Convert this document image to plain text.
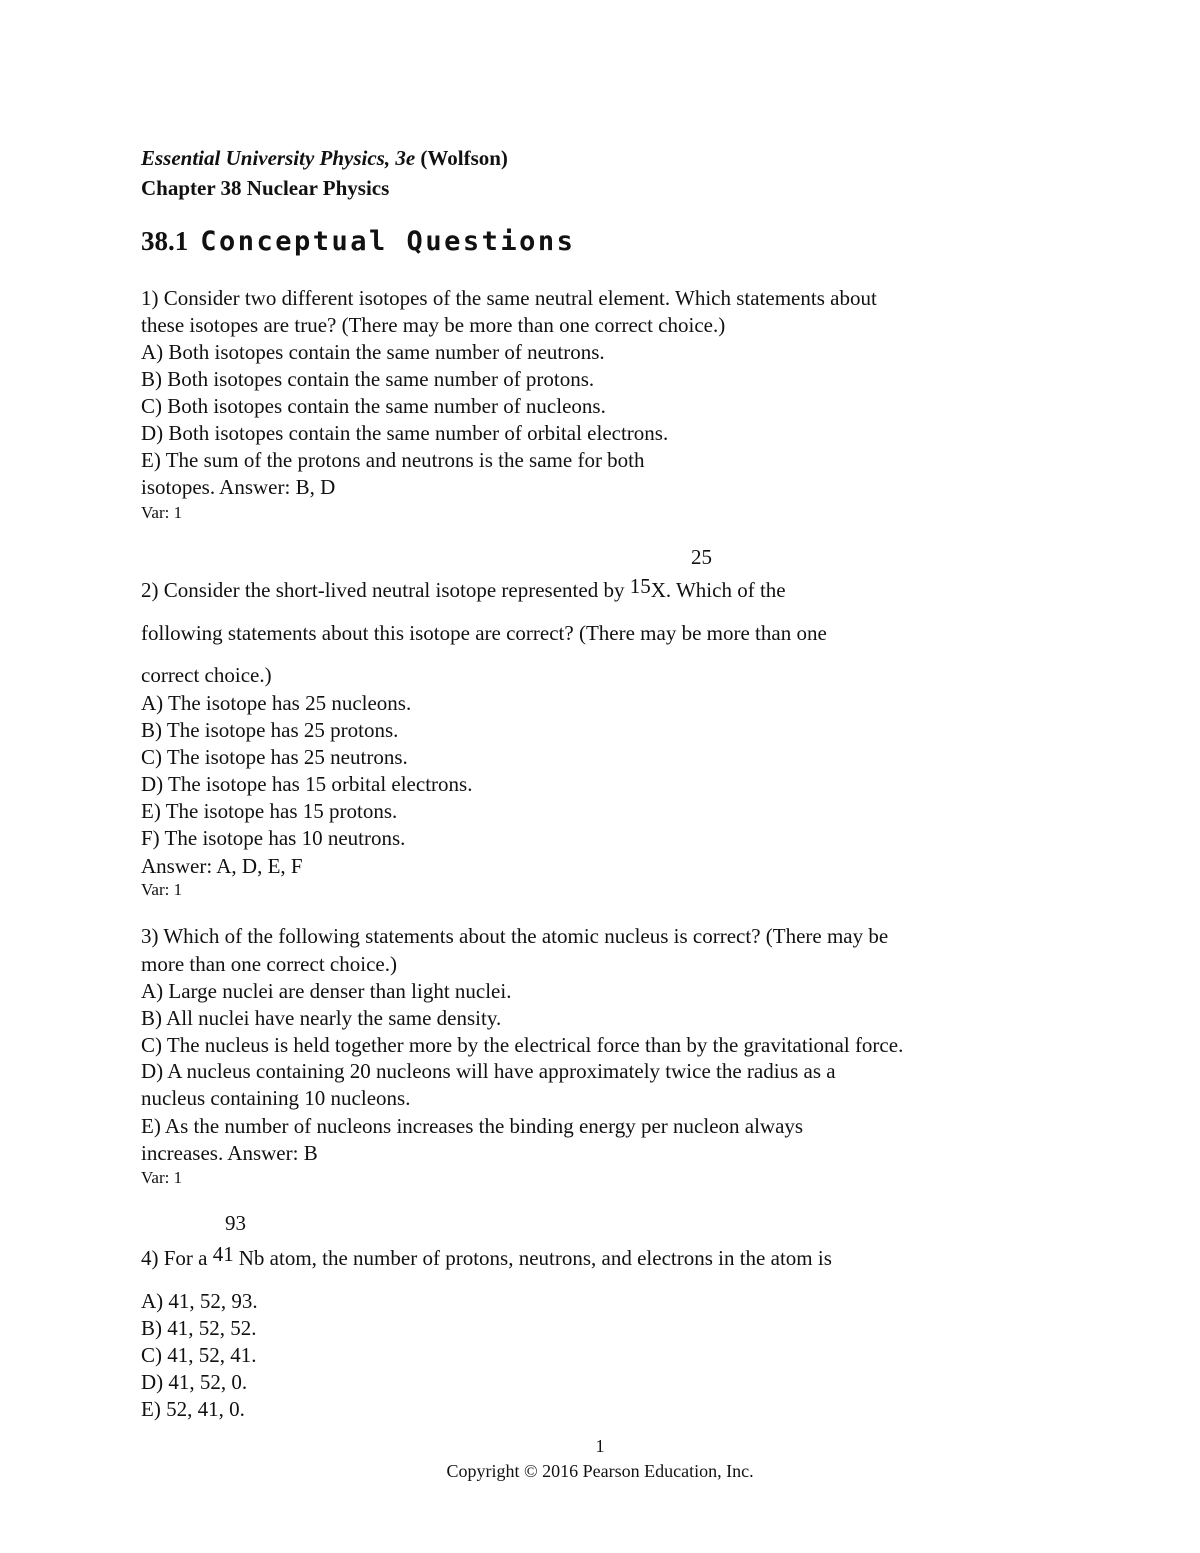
Essential University Physics, 3e (Wolfson)
Chapter 38 Nuclear Physics
38.1 Conceptual Questions
1) Consider two different isotopes of the same neutral element. Which statements about
these isotopes are true? (There may be more than one correct choice.)
A) Both isotopes contain the same number of neutrons.
B) Both isotopes contain the same number of protons.
C) Both isotopes contain the same number of nucleons.
D) Both isotopes contain the same number of orbital electrons.
E) The sum of the protons and neutrons is the same for both
isotopes. Answer: B, D
Var: 1
25
2) Consider the short-lived neutral isotope represented by 15X. Which of the
following statements about this isotope are correct? (There may be more than one
correct choice.)
A) The isotope has 25 nucleons.
B) The isotope has 25 protons.
C) The isotope has 25 neutrons.
D) The isotope has 15 orbital electrons.
E) The isotope has 15 protons.
F) The isotope has 10 neutrons.
Answer: A, D, E, F
Var: 1
3) Which of the following statements about the atomic nucleus is correct? (There may be
more than one correct choice.)
A) Large nuclei are denser than light nuclei.
B) All nuclei have nearly the same density.
C) The nucleus is held together more by the electrical force than by the gravitational force.
D) A nucleus containing 20 nucleons will have approximately twice the radius as a
nucleus containing 10 nucleons.
E) As the number of nucleons increases the binding energy per nucleon always
increases. Answer: B
Var: 1
93
4) For a 41 Nb atom, the number of protons, neutrons, and electrons in the atom is
A) 41, 52, 93.
B) 41, 52, 52.
C) 41, 52, 41.
D) 41, 52, 0.
E) 52, 41, 0.
1
Copyright © 2016 Pearson Education, Inc.
